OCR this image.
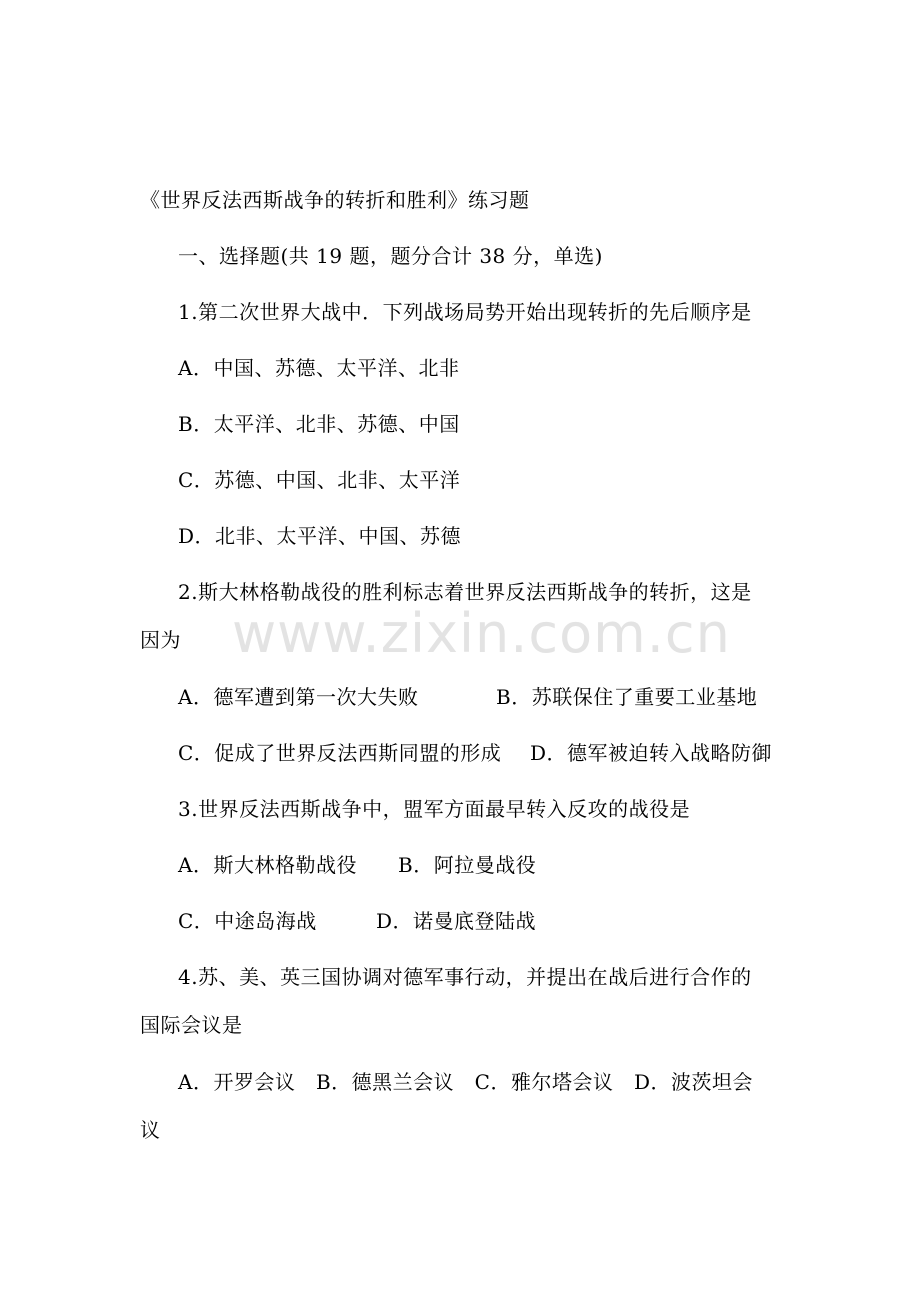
www.zixin.com.cn
《世界反法西斯战争的转折和胜利》练习题
一、选择题(共 19 题，题分合计 38 分，单选)
1.第二次世界大战中．下列战场局势开始出现转折的先后顺序是
A．中国、苏德、太平洋、北非
B．太平洋、北非、苏德、中国
C．苏德、中国、北非、太平洋
D．北非、太平洋、中国、苏德
2.斯大林格勒战役的胜利标志着世界反法西斯战争的转折，这是
因为
A．德军遭到第一次大失败	B．苏联保住了重要工业基地
C．促成了世界反法西斯同盟的形成 D．德军被迫转入战略防御
3.世界反法西斯战争中，盟军方面最早转入反攻的战役是
A．斯大林格勒战役 B．阿拉曼战役
C．中途岛海战	D．诺曼底登陆战
4.苏、美、英三国协调对德军事行动，并提出在战后进行合作的
国际会议是
A．开罗会议　B．德黑兰会议　C．雅尔塔会议　D．波茨坦会
议
